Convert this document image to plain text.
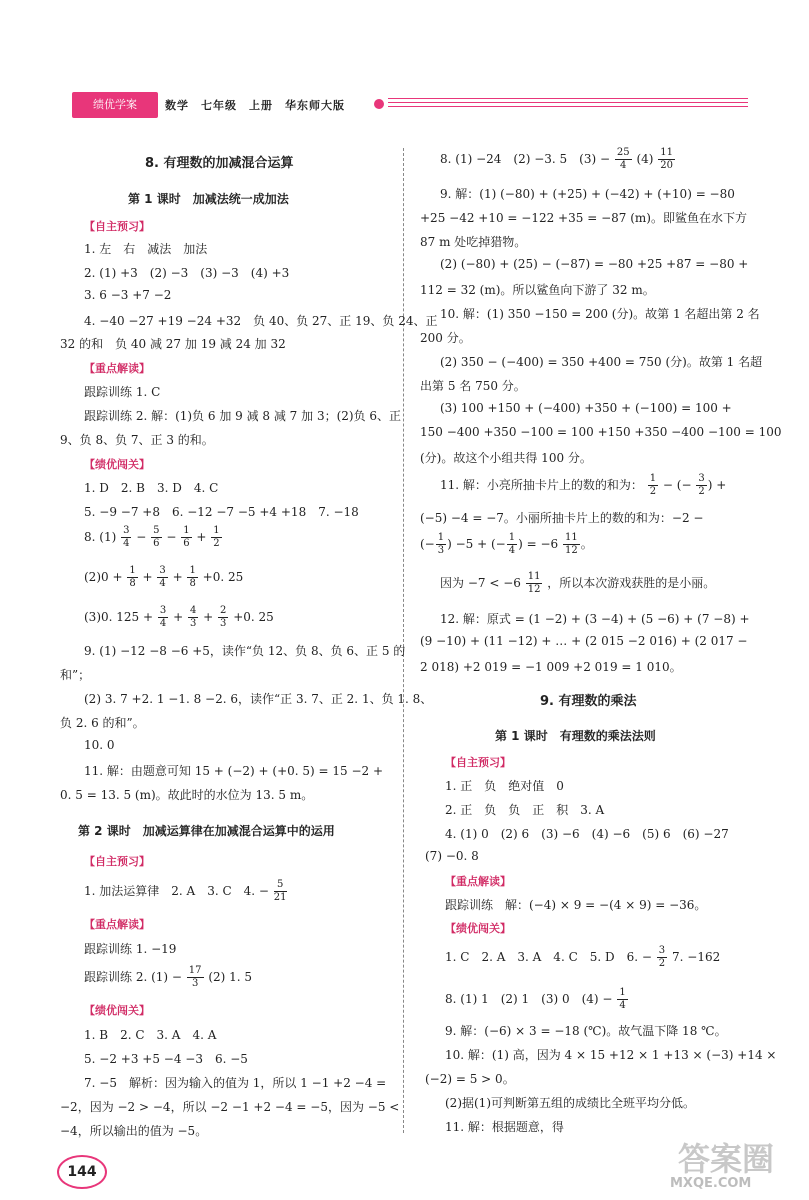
绩优学案	数学　七年级　上册　华东师大版
8. 有理数的加减混合运算
第 1 课时　加减法统一成加法
【自主预习】
1. 左　右　减法　加法
2. (1) +3　(2) −3　(3) −3　(4) +3
3. 6 −3 +7 −2
4. −40 −27 +19 −24 +32　负 40、负 27、正 19、负 24、正
32 的和　负 40 减 27 加 19 减 24 加 32
【重点解读】
跟踪训练 1. C
跟踪训练 2. 解：(1)负 6 加 9 减 8 减 7 加 3；(2)负 6、正
9、负 8、负 7、正 3 的和。
【绩优闯关】
1. D　2. B　3. D　4. C
5. −9 −7 +8　6. −12 −7 −5 +4 +18　7. −18
8. $(1) \frac{3}{4} - \frac{5}{6} - \frac{1}{6} + \frac{1}{2}$
$(2)0 + \frac{1}{8} + \frac{3}{4} + \frac{1}{8} +0$. 25
(3)0. $125 + \frac{3}{4} + \frac{4}{3} + \frac{2}{3} +0$. 25
9. (1) −12 −8 −6 +5，读作“负 12、负 8、负 6、正 5 的
和”；
(2) 3. 7 +2. 1 −1. 8 −2. 6，读作“正 3. 7、正 2. 1、负 1. 8、
负 2. 6 的和”。
10. 0
11. 解：由题意可知 15 + (−2) + (+0. 5) = 15 −2 +
0. 5 = 13. 5 (m)。故此时的水位为 13. 5 m。
第 2 课时　加减运算律在加减混合运算中的运用
【自主预习】
1. 加法运算律　2. A　3. C　4. − $\frac{5}{21}$
【重点解读】
跟踪训练 1. −19
跟踪训练 2. $(1) - \frac{17}{3} (2)$ 1. 5
【绩优闯关】
1. B　2. C　3. A　4. A
5. −2 +3 +5 −4 −3　6. −5
7. −5　解析：因为输入的值为 1，所以 1 −1 +2 −4 =
−2，因为 −2 > −4，所以 −2 −1 +2 −4 = −5，因为 −5 <
−4，所以输出的值为 −5。
8. (1) −24　(2) −3. 5　$(3) - \frac{25}{4} (4) \frac{11}{20}$
9. 解：(1) (−80) + (+25) + (−42) + (+10) = −80
+25 −42 +10 = −122 +35 = −87 (m)。即鲨鱼在水下方
87 m 处吃掉猎物。
(2) (−80) + (25) − (−87) = −80 +25 +87 = −80 +
112 = 32 (m)。所以鲨鱼向下游了 32 m。
10. 解：(1) 350 −150 = 200 (分)。故第 1 名超出第 2 名
200 分。
(2) 350 − (−400) = 350 +400 = 750 (分)。故第 1 名超
出第 5 名 750 分。
(3) 100 +150 + (−400) +350 + (−100) = 100 +
150 −400 +350 −100 = 100 +150 +350 −400 −100 = 100
(分)。故这个小组共得 100 分。
11. 解：小亮所抽卡片上的数的和为： $\frac{1}{2}$ − (− $\frac{3}{2}$ ) +
(−5) −4 = −7。小丽所抽卡片上的数的和为：−2 −
(− $\frac{1}{3}$ ) −5 + (− $\frac{1}{4}$ ) = $-6 \frac{11}{12}$ 。
因为 $-7 < -6 \frac{11}{12}$ ，所以本次游戏获胜的是小丽。
12. 解：原式 = (1 −2) + (3 −4) + (5 −6) + (7 −8) +
(9 −10) + (11 −12) + … + (2 015 −2 016) + (2 017 −
2 018) +2 019 = −1 009 +2 019 = 1 010。
9. 有理数的乘法
第 1 课时　有理数的乘法法则
【自主预习】
1. 正　负　绝对值　0
2. 正　负　负　正　积　3. A
4. (1) 0　(2) 6　(3) −6　(4) −6　(5) 6　(6) −27
(7) −0. 8
【重点解读】
跟踪训练　解：(−4) × 9 = −(4 × 9) = −36。
【绩优闯关】
1. C　2. A　3. A　4. C　5. D　6. − $\frac{3}{2} 7$. −162
8. (1) 1　(2) 1　(3) 0　$(4) - \frac{1}{4}$
9. 解：(−6) × 3 = −18 (℃)。故气温下降 18 ℃。
10. 解：(1) 高，因为 4 × 15 +12 × 1 +13 × (−3) +14 ×
(−2) = 5 > 0。
(2)据(1)可判断第五组的成绩比全班平均分低。
11. 解：根据题意，得
144	答案圈
MXQE.COM
